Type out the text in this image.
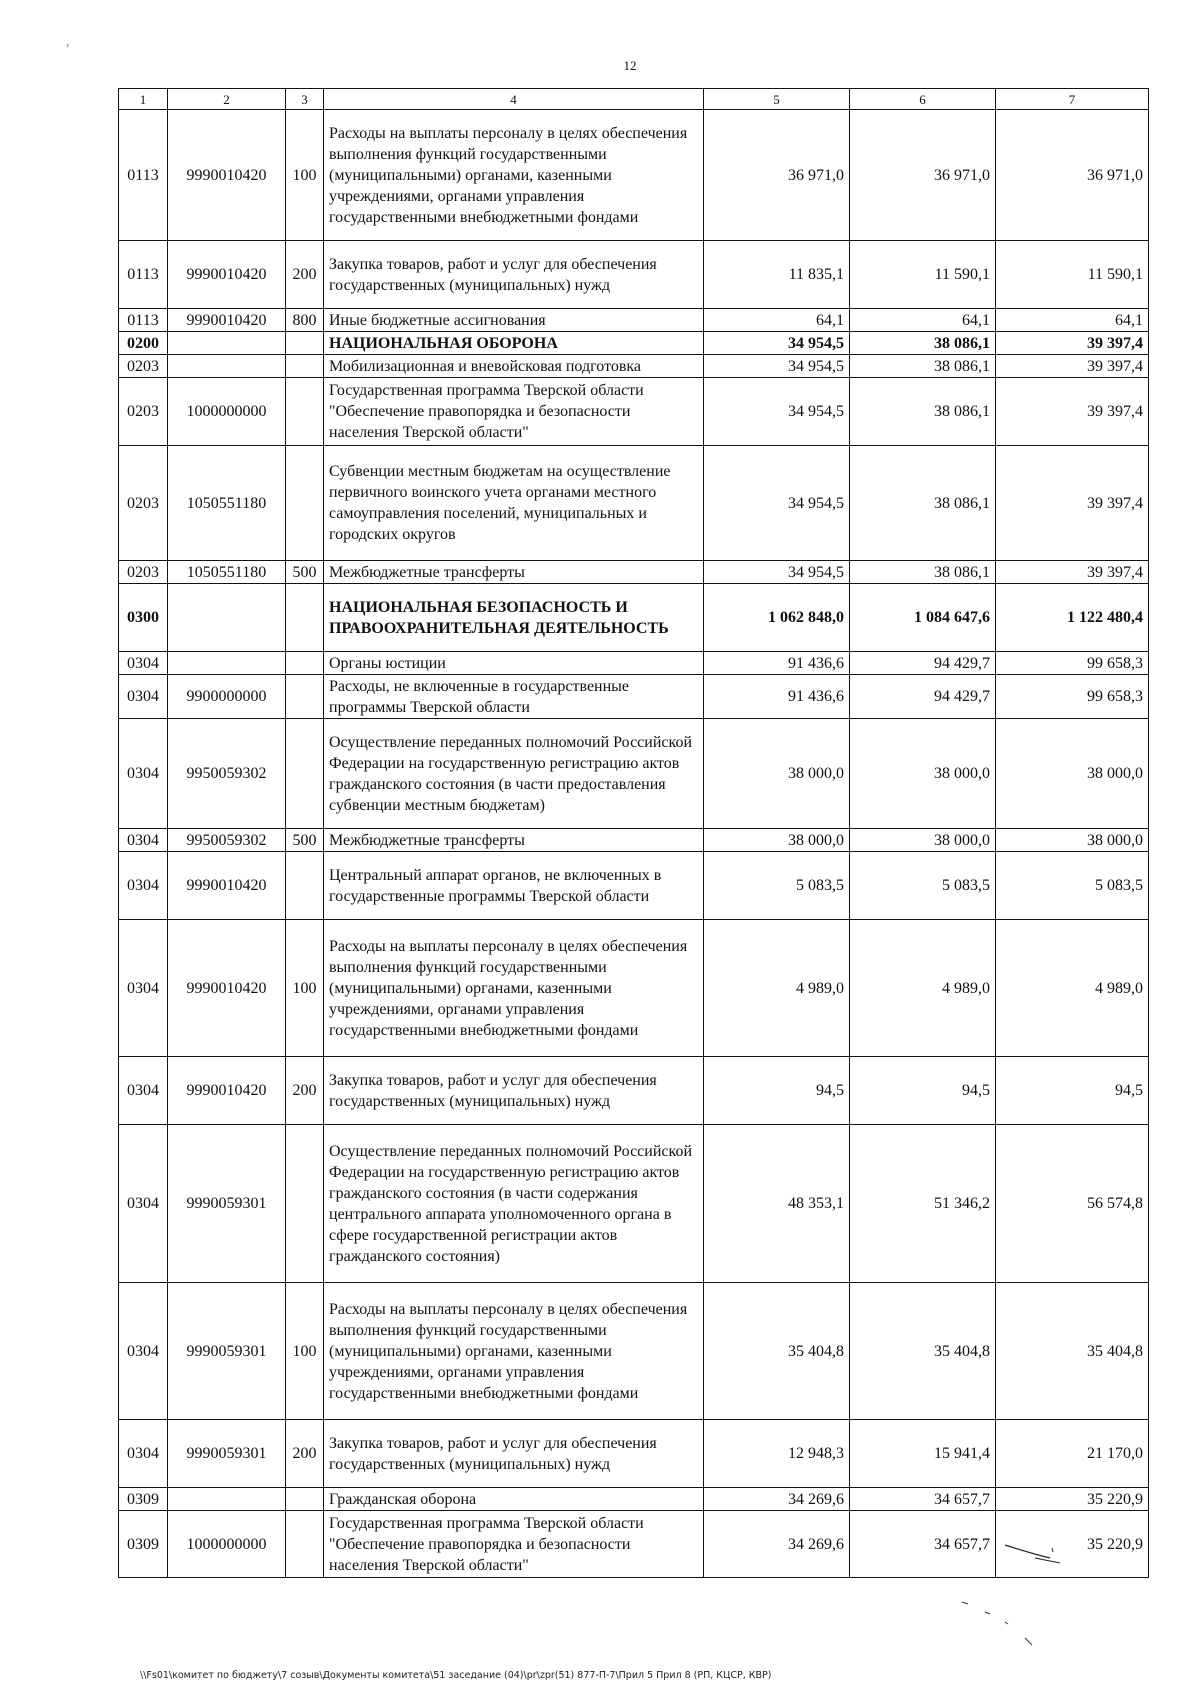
›
12
1	2	3	4	5	6	7
0113	9990010420	100	Расходы на выплаты персоналу в целях обеспечения выполнения функций государственными (муниципальными) органами, казенными учреждениями, органами управления государственными внебюджетными фондами	36 971,0	36 971,0	36 971,0
0113	9990010420	200	Закупка товаров, работ и услуг для обеспечения государственных (муниципальных) нужд	11 835,1	11 590,1	11 590,1
0113	9990010420	800	Иные бюджетные ассигнования	64,1	64,1	64,1
0200			НАЦИОНАЛЬНАЯ ОБОРОНА	34 954,5	38 086,1	39 397,4
0203			Мобилизационная и вневойсковая подготовка	34 954,5	38 086,1	39 397,4
0203	1000000000		Государственная программа Тверской области "Обеспечение правопорядка и безопасности населения Тверской области"	34 954,5	38 086,1	39 397,4
0203	1050551180		Субвенции местным бюджетам на осуществление первичного воинского учета органами местного самоуправления поселений, муниципальных и городских округов	34 954,5	38 086,1	39 397,4
0203	1050551180	500	Межбюджетные трансферты	34 954,5	38 086,1	39 397,4
0300			НАЦИОНАЛЬНАЯ БЕЗОПАСНОСТЬ И ПРАВООХРАНИТЕЛЬНАЯ ДЕЯТЕЛЬНОСТЬ	1 062 848,0	1 084 647,6	1 122 480,4
0304			Органы юстиции	91 436,6	94 429,7	99 658,3
0304	9900000000		Расходы, не включенные в государственные программы Тверской области	91 436,6	94 429,7	99 658,3
0304	9950059302		Осуществление переданных полномочий Российской Федерации на государственную регистрацию актов гражданского состояния (в части предоставления субвенции местным бюджетам)	38 000,0	38 000,0	38 000,0
0304	9950059302	500	Межбюджетные трансферты	38 000,0	38 000,0	38 000,0
0304	9990010420		Центральный аппарат органов, не включенных в государственные программы Тверской области	5 083,5	5 083,5	5 083,5
0304	9990010420	100	Расходы на выплаты персоналу в целях обеспечения выполнения функций государственными (муниципальными) органами, казенными учреждениями, органами управления государственными внебюджетными фондами	4 989,0	4 989,0	4 989,0
0304	9990010420	200	Закупка товаров, работ и услуг для обеспечения государственных (муниципальных) нужд	94,5	94,5	94,5
0304	9990059301		Осуществление переданных полномочий Российской Федерации на государственную регистрацию актов гражданского состояния (в части содержания центрального аппарата уполномоченного органа в сфере государственной регистрации актов гражданского состояния)	48 353,1	51 346,2	56 574,8
0304	9990059301	100	Расходы на выплаты персоналу в целях обеспечения выполнения функций государственными (муниципальными) органами, казенными учреждениями, органами управления государственными внебюджетными фондами	35 404,8	35 404,8	35 404,8
0304	9990059301	200	Закупка товаров, работ и услуг для обеспечения государственных (муниципальных) нужд	12 948,3	15 941,4	21 170,0
0309			Гражданская оборона	34 269,6	34 657,7	35 220,9
0309	1000000000		Государственная программа Тверской области "Обеспечение правопорядка и безопасности населения Тверской области"	34 269,6	34 657,7	35 220,9
\\Fs01\комитет по бюджету\7 созыв\Документы комитета\51 заседание (04)\pr\zpr(51) 877-П-7\Прил 5 Прил 8 (РП, КЦСР, КВР)
